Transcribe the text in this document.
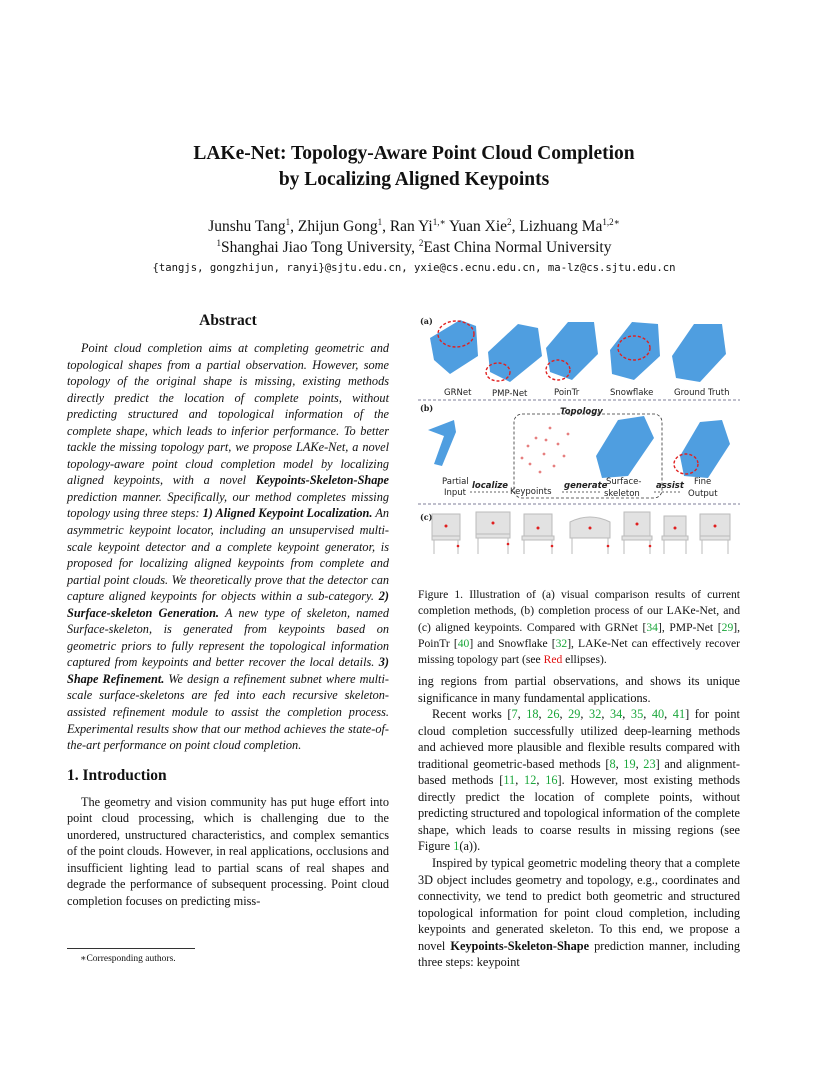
LAKe-Net: Topology-Aware Point Cloud Completion
by Localizing Aligned Keypoints
Junshu Tang$^1$, Zhijun Gong$^1$, Ran $Yi^{1,∗}$ Yuan Xie$^2$, Lizhuang $Ma^{1,2∗}$
$^1$Shanghai Jiao Tong University, $^2$East China Normal University
{tangjs, gongzhijun, ranyi}@sjtu.edu.cn, yxie@cs.ecnu.edu.cn, ma-lz@cs.sjtu.edu.cn
Abstract
Point cloud completion aims at completing geometric and topological shapes from a partial observation. However, some topology of the original shape is missing, existing methods directly predict the location of complete points, without predicting structured and topological information of the complete shape, which leads to inferior performance. To better tackle the missing topology part, we propose LAKe-Net, a novel topology-aware point cloud completion model by localizing aligned keypoints, with a novel Keypoints-Skeleton-Shape prediction manner. Specifically, our method completes missing topology using three steps: 1) Aligned Keypoint Localization. An asymmetric keypoint locator, including an unsupervised multi-scale keypoint detector and a complete keypoint generator, is proposed for localizing aligned keypoints from complete and partial point clouds. We theoretically prove that the detector can capture aligned keypoints for objects within a sub-category. 2) Surface-skeleton Generation. A new type of skeleton, named Surface-skeleton, is generated from keypoints based on geometric priors to fully represent the topological information captured from keypoints and better recover the local details. 3) Shape Refinement. We design a refinement subnet where multi-scale surface-skeletons are fed into each recursive skeleton-assisted refinement module to assist the completion process. Experimental results show that our method achieves the state-of-the-art performance on point cloud completion.
1. Introduction
The geometry and vision community has put huge effort into point cloud processing, which is challenging due to the unordered, unstructured characteristics, and complex semantics of the point clouds. However, in real applications, occlusions and insufficient lighting lead to partial scans of real shapes and degrade the performance of subsequent processing. Point cloud completion focuses on predicting miss-
∗Corresponding authors.
(a)
(b)
(c)
GRNet PMP-Net	PoinTr	Snowflake Ground Truth
Topology
Partial
Input
localize
Keypoints
generate
Surface-
skeleton
assist Fine
Output
Figure 1. Illustration of (a) visual comparison results of current completion methods, (b) completion process of our LAKe-Net, and (c) aligned keypoints. Compared with GRNet [34], PMP-Net [29], PoinTr [40] and Snowflake [32], LAKe-Net can effectively recover missing topology part (see Red ellipses).

ing regions from partial observations, and shows its unique significance in many fundamental applications.

Recent works [7, 18, 26, 29, 32, 34, 35, 40, 41] for point cloud completion successfully utilized deep-learning methods and achieved more plausible and flexible results compared with traditional geometric-based methods [8, 19, 23] and alignment-based methods [11, 12, 16]. However, most existing methods directly predict the location of complete points, without predicting structured and topological information of the complete shape, which leads to coarse results in missing regions (see Figure 1(a)).

Inspired by typical geometric modeling theory that a complete 3D object includes geometry and topology, e.g., coordinates and connectivity, we tend to predict both geometric and structured topological information for point cloud completion, including keypoints and generated skeleton. To this end, we propose a novel Keypoints-Skeleton-Shape prediction manner, including three steps: keypoint
